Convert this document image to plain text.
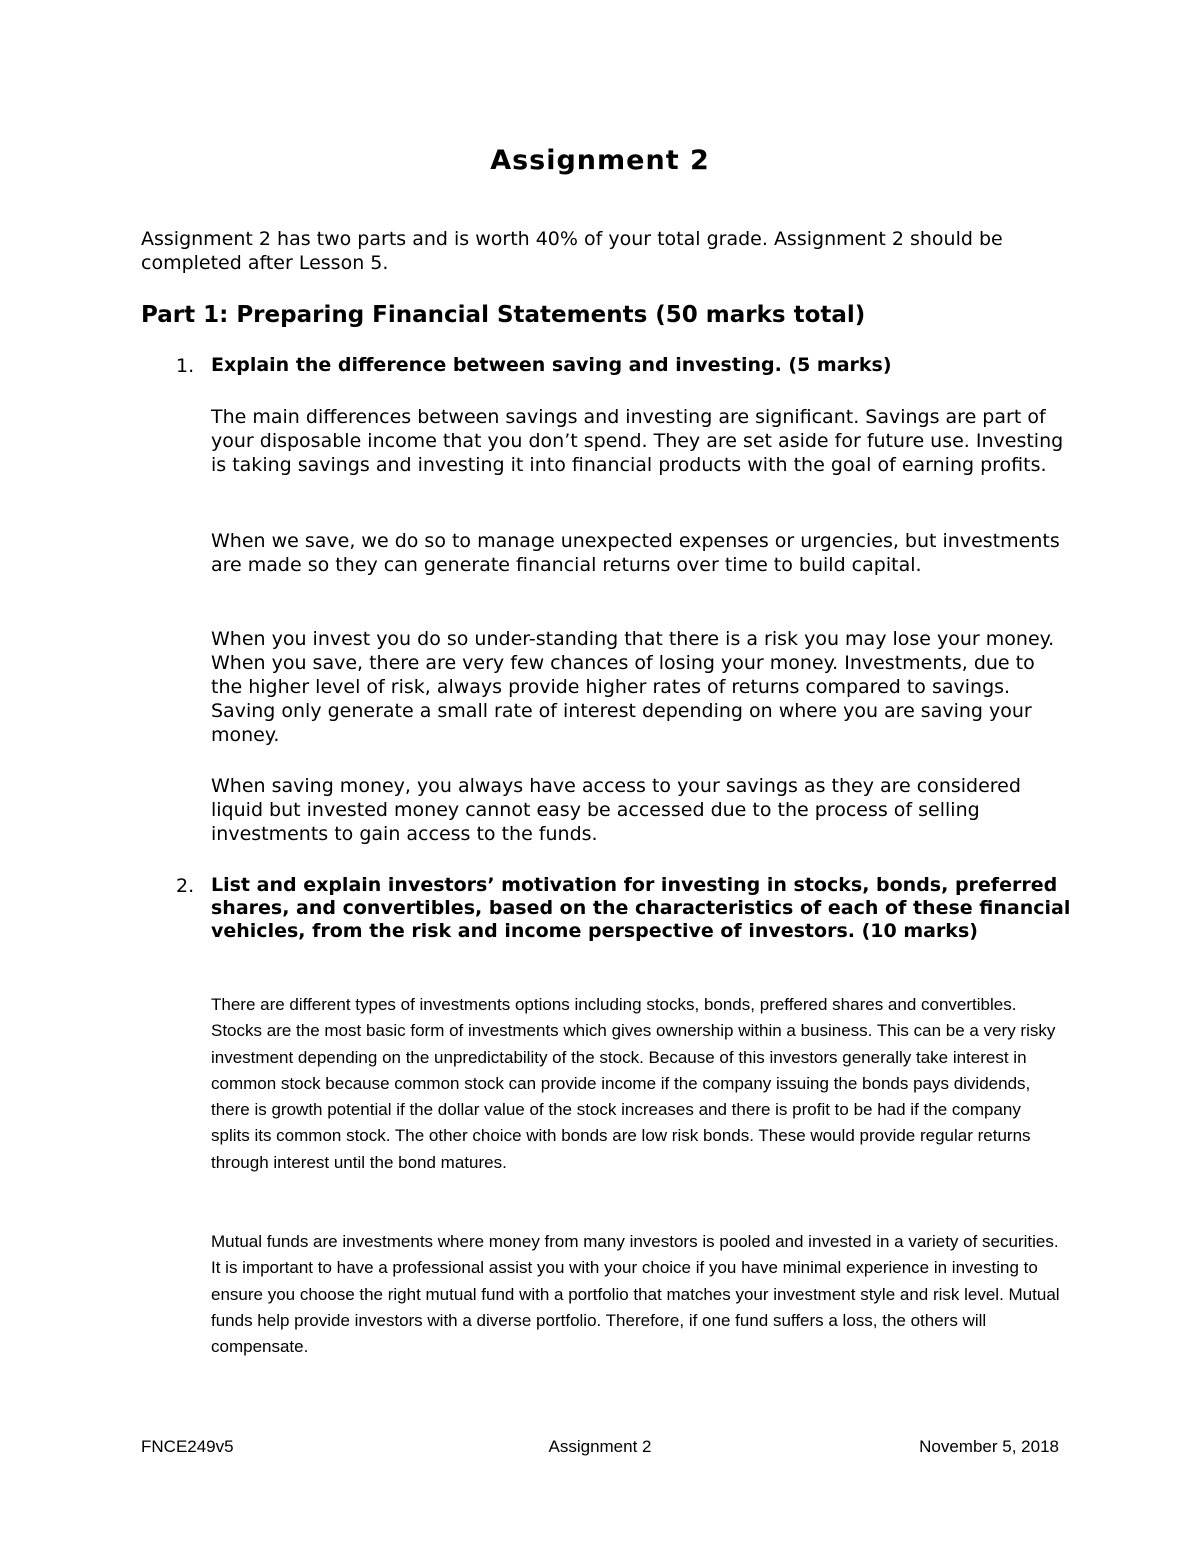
Assignment 2

Assignment 2 has two parts and is worth 40% of your total grade. Assignment 2 should be completed after Lesson 5.

Part 1: Preparing Financial Statements (50 marks total)
1. Explain the difference between saving and investing. (5 marks)

The main differences between savings and investing are significant. Savings are part of your disposable income that you don’t spend. They are set aside for future use. Investing is taking savings and investing it into financial products with the goal of earning profits.

When we save, we do so to manage unexpected expenses or urgencies, but investments are made so they can generate financial returns over time to build capital.

When you invest you do so under-standing that there is a risk you may lose your money. When you save, there are very few chances of losing your money. Investments, due to the higher level of risk, always provide higher rates of returns compared to savings. Saving only generate a small rate of interest depending on where you are saving your money.

When saving money, you always have access to your savings as they are considered liquid but invested money cannot easy be accessed due to the process of selling investments to gain access to the funds.

2. List and explain investors’ motivation for investing in stocks, bonds, preferred shares, and convertibles, based on the characteristics of each of these financial vehicles, from the risk and income perspective of investors. (10 marks)

There are different types of investments options including stocks, bonds, preffered shares and convertibles. Stocks are the most basic form of investments which gives ownership within a business. This can be a very risky investment depending on the unpredictability of the stock. Because of this investors generally take interest in common stock because common stock can provide income if the company issuing the bonds pays dividends, there is growth potential if the dollar value of the stock increases and there is profit to be had if the company splits its common stock. The other choice with bonds are low risk bonds. These would provide regular returns through interest until the bond matures.

Mutual funds are investments where money from many investors is pooled and invested in a variety of securities. It is important to have a professional assist you with your choice if you have minimal experience in investing to ensure you choose the right mutual fund with a portfolio that matches your investment style and risk level. Mutual funds help provide investors with a diverse portfolio. Therefore, if one fund suffers a loss, the others will compensate.

FNCE249v5	Assignment 2	November 5, 2018
